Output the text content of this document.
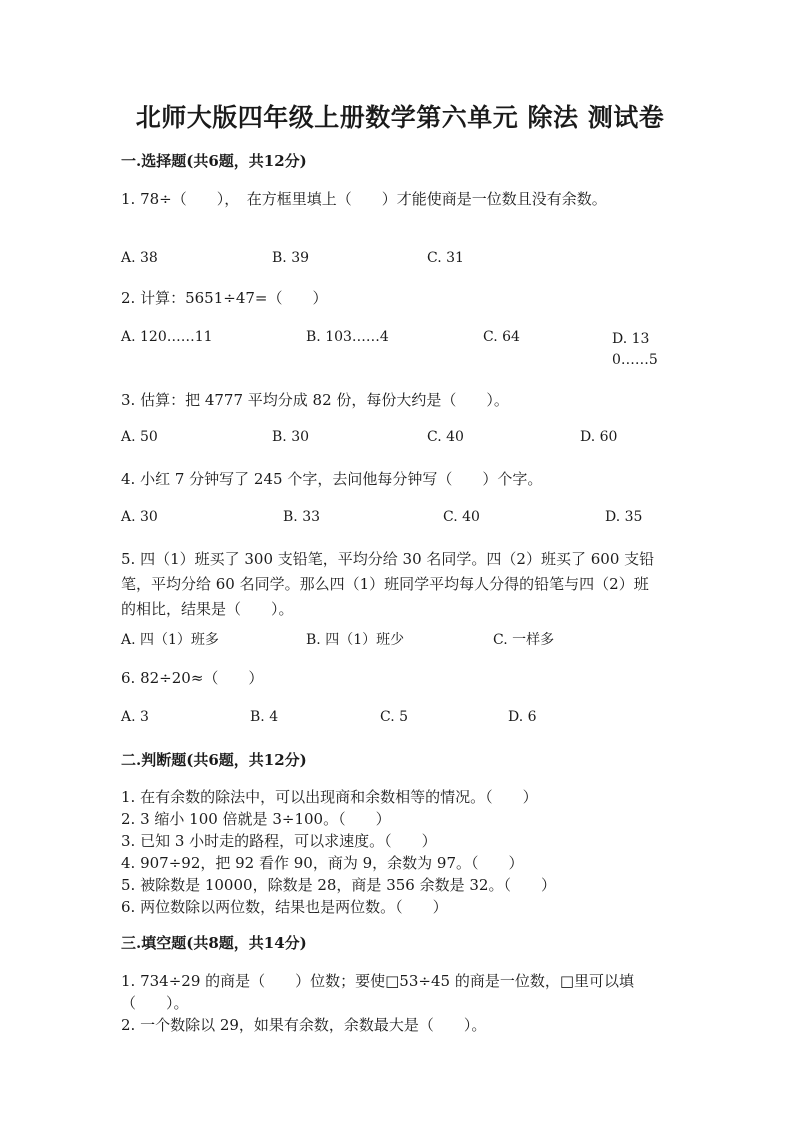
北师大版四年级上册数学第六单元 除法 测试卷
一.选择题(共6题，共12分)
1. 78÷（　　），　在方框里填上（　　）才能使商是一位数且没有余数。
A. 38	B. 39	C. 31
2. 计算：5651÷47=（　　）
A. 120……11	B. 103……4	C. 64	D. 130……5
3. 估算：把 4777 平均分成 82 份，每份大约是（　　）。
A. 50	B. 30	C. 40	D. 60
4. 小红 7 分钟写了 245 个字，去问他每分钟写（　　）个字。
A. 30	B. 33	C. 40	D. 35
5. 四（1）班买了 300 支铅笔，平均分给 30 名同学。四（2）班买了 600 支铅
笔，平均分给 60 名同学。那么四（1）班同学平均每人分得的铅笔与四（2）班
的相比，结果是（　　）。
A. 四（1）班多	B. 四（1）班少	C. 一样多
6. 82÷20≈（　　）
A. 3	B. 4	C. 5	D. 6
二.判断题(共6题，共12分)
1. 在有余数的除法中，可以出现商和余数相等的情况。（　　）
2. 3 缩小 100 倍就是 3÷100。（　　）
3. 已知 3 小时走的路程，可以求速度。（　　）
4. 907÷92，把 92 看作 90，商为 9，余数为 97。（　　）
5. 被除数是 10000，除数是 28，商是 356 余数是 32。（　　）
6. 两位数除以两位数，结果也是两位数。（　　）
三.填空题(共8题，共14分)
1. 734÷29 的商是（　　）位数；要使□53÷45 的商是一位数，□里可以填
（　　）。
2. 一个数除以 29，如果有余数，余数最大是（　　）。
